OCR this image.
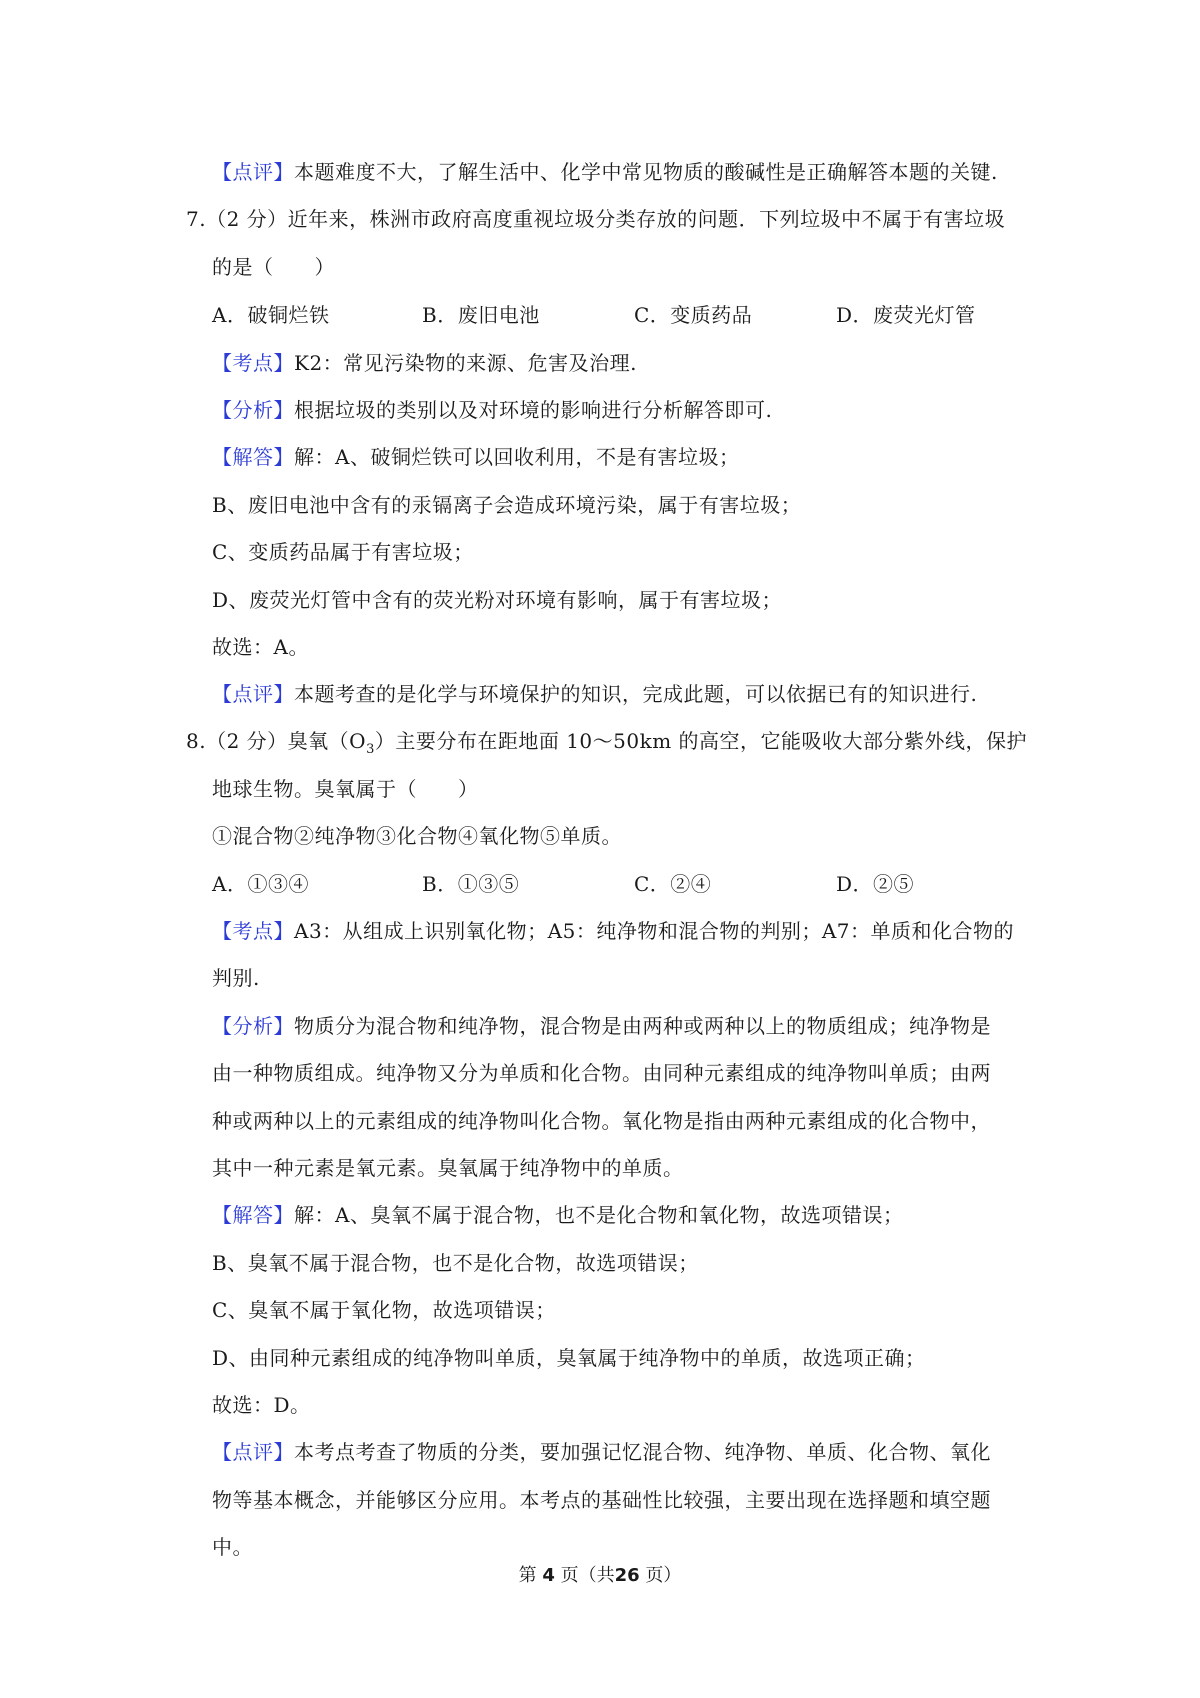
【点评】本题难度不大，了解生活中、化学中常见物质的酸碱性是正确解答本题的关键.
7.（2 分）近年来，株洲市政府高度重视垃圾分类存放的问题．下列垃圾中不属于有害垃圾
的是（　　）
A．破铜烂铁	B．废旧电池	C．变质药品	D．废荧光灯管
【考点】K2：常见污染物的来源、危害及治理.
【分析】根据垃圾的类别以及对环境的影响进行分析解答即可.
【解答】解：A、破铜烂铁可以回收利用，不是有害垃圾；
B、废旧电池中含有的汞镉离子会造成环境污染，属于有害垃圾；
C、变质药品属于有害垃圾；
D、废荧光灯管中含有的荧光粉对环境有影响，属于有害垃圾；
故选：A。
【点评】本题考查的是化学与环境保护的知识，完成此题，可以依据已有的知识进行.
8.（2 分）臭氧$(O_3)$主要分布在距地面 10～50km 的高空，它能吸收大部分紫外线，保护
地球生物。臭氧属于（　　）
①混合物②纯净物③化合物④氧化物⑤单质。
A．①③④	B．①③⑤	C．②④	D．②⑤
【考点】A3：从组成上识别氧化物；A5：纯净物和混合物的判别；A7：单质和化合物的
判别.
【分析】物质分为混合物和纯净物，混合物是由两种或两种以上的物质组成；纯净物是
由一种物质组成。纯净物又分为单质和化合物。由同种元素组成的纯净物叫单质；由两
种或两种以上的元素组成的纯净物叫化合物。氧化物是指由两种元素组成的化合物中，
其中一种元素是氧元素。臭氧属于纯净物中的单质。
【解答】解：A、臭氧不属于混合物，也不是化合物和氧化物，故选项错误；
B、臭氧不属于混合物，也不是化合物，故选项错误；
C、臭氧不属于氧化物，故选项错误；
D、由同种元素组成的纯净物叫单质，臭氧属于纯净物中的单质，故选项正确；
故选：D。
【点评】本考点考查了物质的分类，要加强记忆混合物、纯净物、单质、化合物、氧化
物等基本概念，并能够区分应用。本考点的基础性比较强，主要出现在选择题和填空题
中。
第 4 页（共26 页）
